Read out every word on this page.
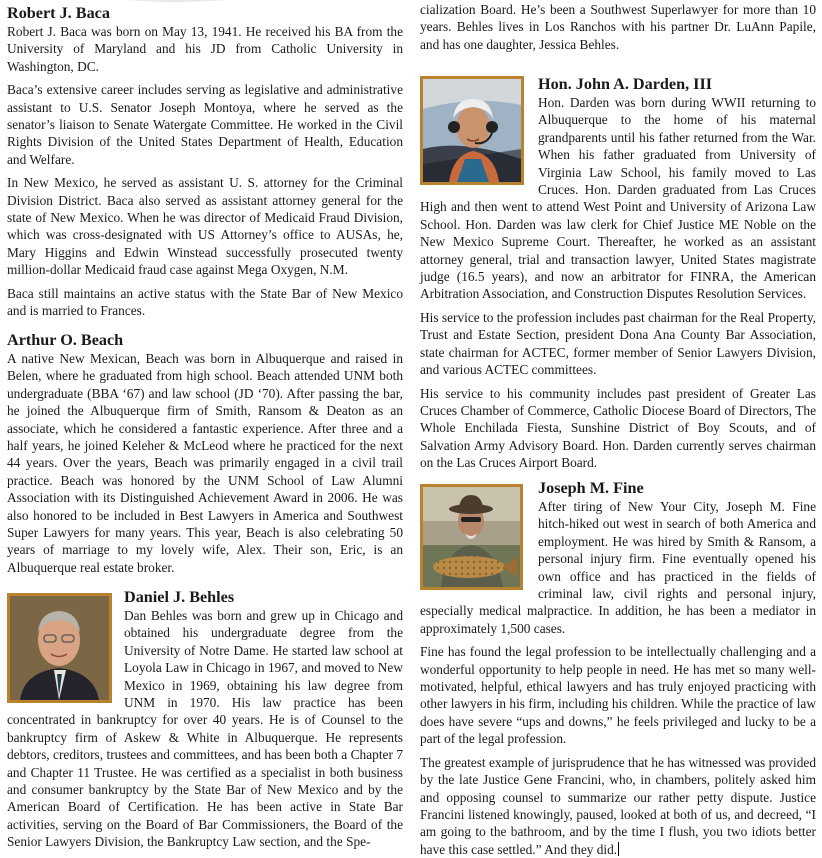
Robert J. Baca

Robert J. Baca was born on May 13, 1941. He received his BA from the University of Maryland and his JD from Catholic University in Washington, DC.

Baca’s extensive career includes serving as legislative and administrative assistant to U.S. Senator Joseph Montoya, where he served as the senator’s liaison to Senate Watergate Committee. He worked in the Civil Rights Division of the United States Department of Health, Education and Welfare.

In New Mexico, he served as assistant U. S. attorney for the Criminal Division District. Baca also served as assistant attorney general for the state of New Mexico. When he was director of Medicaid Fraud Division, which was cross-designated with US Attorney’s office to AUSAs, he, Mary Higgins and Edwin Winstead successfully prosecuted twenty million-dollar Medicaid fraud case against Mega Oxygen, N.M.

Baca still maintains an active status with the State Bar of New Mexico and is married to Frances.

Arthur O. Beach

A native New Mexican, Beach was born in Albuquerque and raised in Belen, where he graduated from high school. Beach attended UNM both undergraduate (BBA ‘67) and law school (JD ‘70). After passing the bar, he joined the Albuquerque firm of Smith, Ransom & Deaton as an associate, which he considered a fantastic experience. After three and a half years, he joined Keleher & McLeod where he practiced for the next 44 years. Over the years, Beach was primarily engaged in a civil trail practice. Beach was honored by the UNM School of Law Alumni Association with its Distinguished Achievement Award in 2006. He was also honored to be included in Best Lawyers in America and Southwest Super Lawyers for many years. This year, Beach is also celebrating 50 years of marriage to my lovely wife, Alex. Their son, Eric, is an Albuquerque real estate broker.

Daniel J. Behles

Dan Behles was born and grew up in Chicago and obtained his undergraduate degree from the University of Notre Dame. He started law school at Loyola Law in Chicago in 1967, and moved to New Mexico in 1969, obtaining his law degree from UNM in 1970. His law practice has been concentrated in bankruptcy for over 40 years. He is of Counsel to the bankruptcy firm of Askew & White in Albuquerque. He represents debtors, creditors, trustees and committees, and has been both a Chapter 7 and Chapter 11 Trustee. He was certified as a specialist in both business and consumer bankruptcy by the State Bar of New Mexico and by the American Board of Certification. He has been active in State Bar activities, serving on the Board of Bar Commissioners, the Board of the Senior Lawyers Division, the Bankruptcy Law section, and the Spe-

cialization Board. He’s been a Southwest Superlawyer for more than 10 years. Behles lives in Los Ranchos with his partner Dr. LuAnn Papile, and has one daughter, Jessica Behles.

Hon. John A. Darden, III

Hon. Darden was born during WWII returning to Albuquerque to the home of his maternal grandparents until his father returned from the War. When his father graduated from University of Virginia Law School, his family moved to Las Cruces. Hon. Darden graduated from Las Cruces High and then went to attend West Point and University of Arizona Law School. Hon. Darden was law clerk for Chief Justice ME Noble on the New Mexico Supreme Court. Thereafter, he worked as an assistant attorney general, trial and transaction lawyer, United States magistrate judge (16.5 years), and now an arbitrator for FINRA, the American Arbitration Association, and Construction Disputes Resolution Services.

His service to the profession includes past chairman for the Real Property, Trust and Estate Section, president Dona Ana County Bar Association, state chairman for ACTEC, former member of Senior Lawyers Division, and various ACTEC committees.

His service to his community includes past president of Greater Las Cruces Chamber of Commerce, Catholic Diocese Board of Directors, The Whole Enchilada Fiesta, Sunshine District of Boy Scouts, and of Salvation Army Advisory Board. Hon. Darden currently serves chairman on the Las Cruces Airport Board.

Joseph M. Fine

After tiring of New Your City, Joseph M. Fine hitch-hiked out west in search of both America and employment. He was hired by Smith & Ransom, a personal injury firm. Fine eventually opened his own office and has practiced in the fields of criminal law, civil rights and personal injury, especially medical malpractice. In addition, he has been a mediator in approximately 1,500 cases.

Fine has found the legal profession to be intellectually challenging and a wonderful opportunity to help people in need. He has met so many well-motivated, helpful, ethical lawyers and has truly enjoyed practicing with other lawyers in his firm, including his children. While the practice of law does have severe “ups and downs,” he feels privileged and lucky to be a part of the legal profession.

The greatest example of jurisprudence that he has witnessed was provided by the late Justice Gene Francini, who, in chambers, politely asked him and opposing counsel to summarize our rather petty dispute. Justice Francini listened knowingly, paused, looked at both of us, and decreed, “I am going to the bathroom, and by the time I flush, you two idiots better have this case settled.” And they did.
